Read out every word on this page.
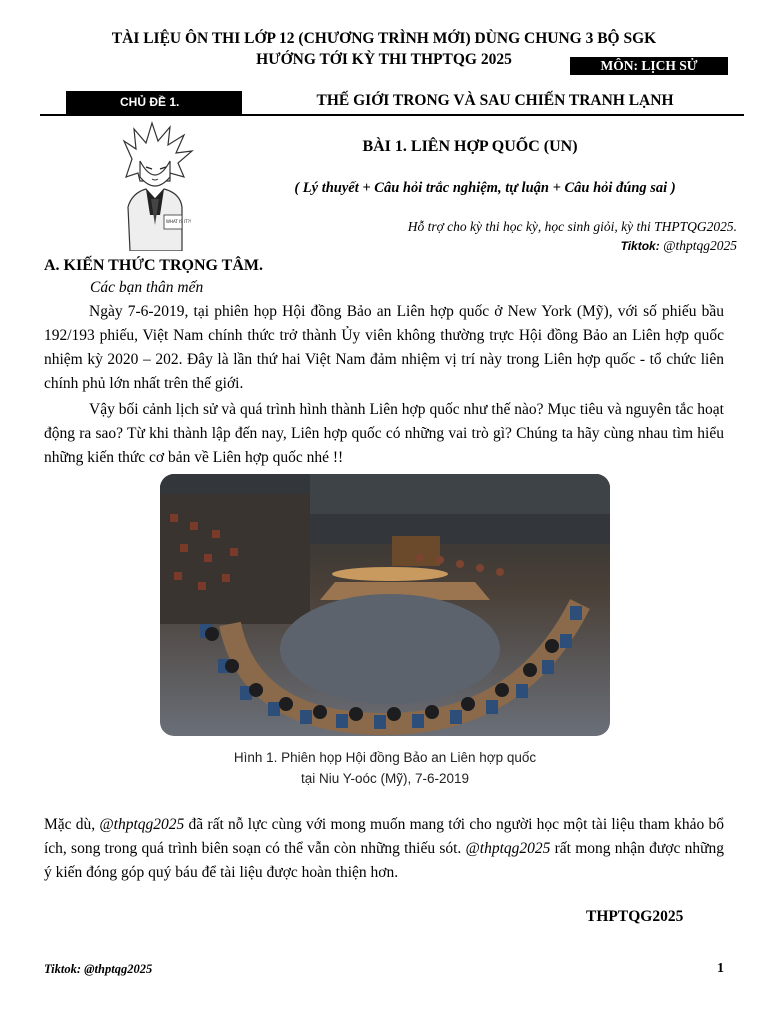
TÀI LIỆU ÔN THI LỚP 12 (CHƯƠNG TRÌNH MỚI) DÙNG CHUNG 3 BỘ SGK
HƯỚNG TỚI KỲ THI THPTQG 2025	MÔN: LỊCH SỬ
CHỦ ĐỀ 1.	THẾ GIỚI TRONG VÀ SAU CHIẾN TRANH LẠNH
WHAT IS IT?!
BÀI 1. LIÊN HỢP QUỐC (UN)
( Lý thuyết + Câu hỏi trắc nghiệm, tự luận + Câu hỏi đúng sai )
Hỗ trợ cho kỳ thi học kỳ, học sinh giỏi, kỳ thi THPTQG2025.
Tiktok: @thptqg2025
A. KIẾN THỨC TRỌNG TÂM.
Các bạn thân mến

Ngày 7-6-2019, tại phiên họp Hội đồng Bảo an Liên hợp quốc ở New York (Mỹ), với số phiếu bầu 192/193 phiếu, Việt Nam chính thức trở thành Ủy viên không thường trực Hội đồng Bảo an Liên hợp quốc nhiệm kỳ 2020 – 202. Đây là lần thứ hai Việt Nam đảm nhiệm vị trí này trong Liên hợp quốc - tổ chức liên chính phủ lớn nhất trên thế giới.

Vậy bối cảnh lịch sử và quá trình hình thành Liên hợp quốc như thế nào? Mục tiêu và nguyên tắc hoạt động ra sao? Từ khi thành lập đến nay, Liên hợp quốc có những vai trò gì? Chúng ta hãy cùng nhau tìm hiểu những kiến thức cơ bản về Liên hợp quốc nhé !!

Hình 1. Phiên họp Hội đồng Bảo an Liên hợp quốc
tại Niu Y-oóc (Mỹ), 7-6-2019
Mặc dù, @thptqg2025 đã rất nỗ lực cùng với mong muốn mang tới cho người học một tài liệu tham khảo bổ ích, song trong quá trình biên soạn có thể vẫn còn những thiếu sót. @thptqg2025 rất mong nhận được những ý kiến đóng góp quý báu để tài liệu được hoàn thiện hơn.
THPTQG2025
Tiktok: @thptqg2025	1
